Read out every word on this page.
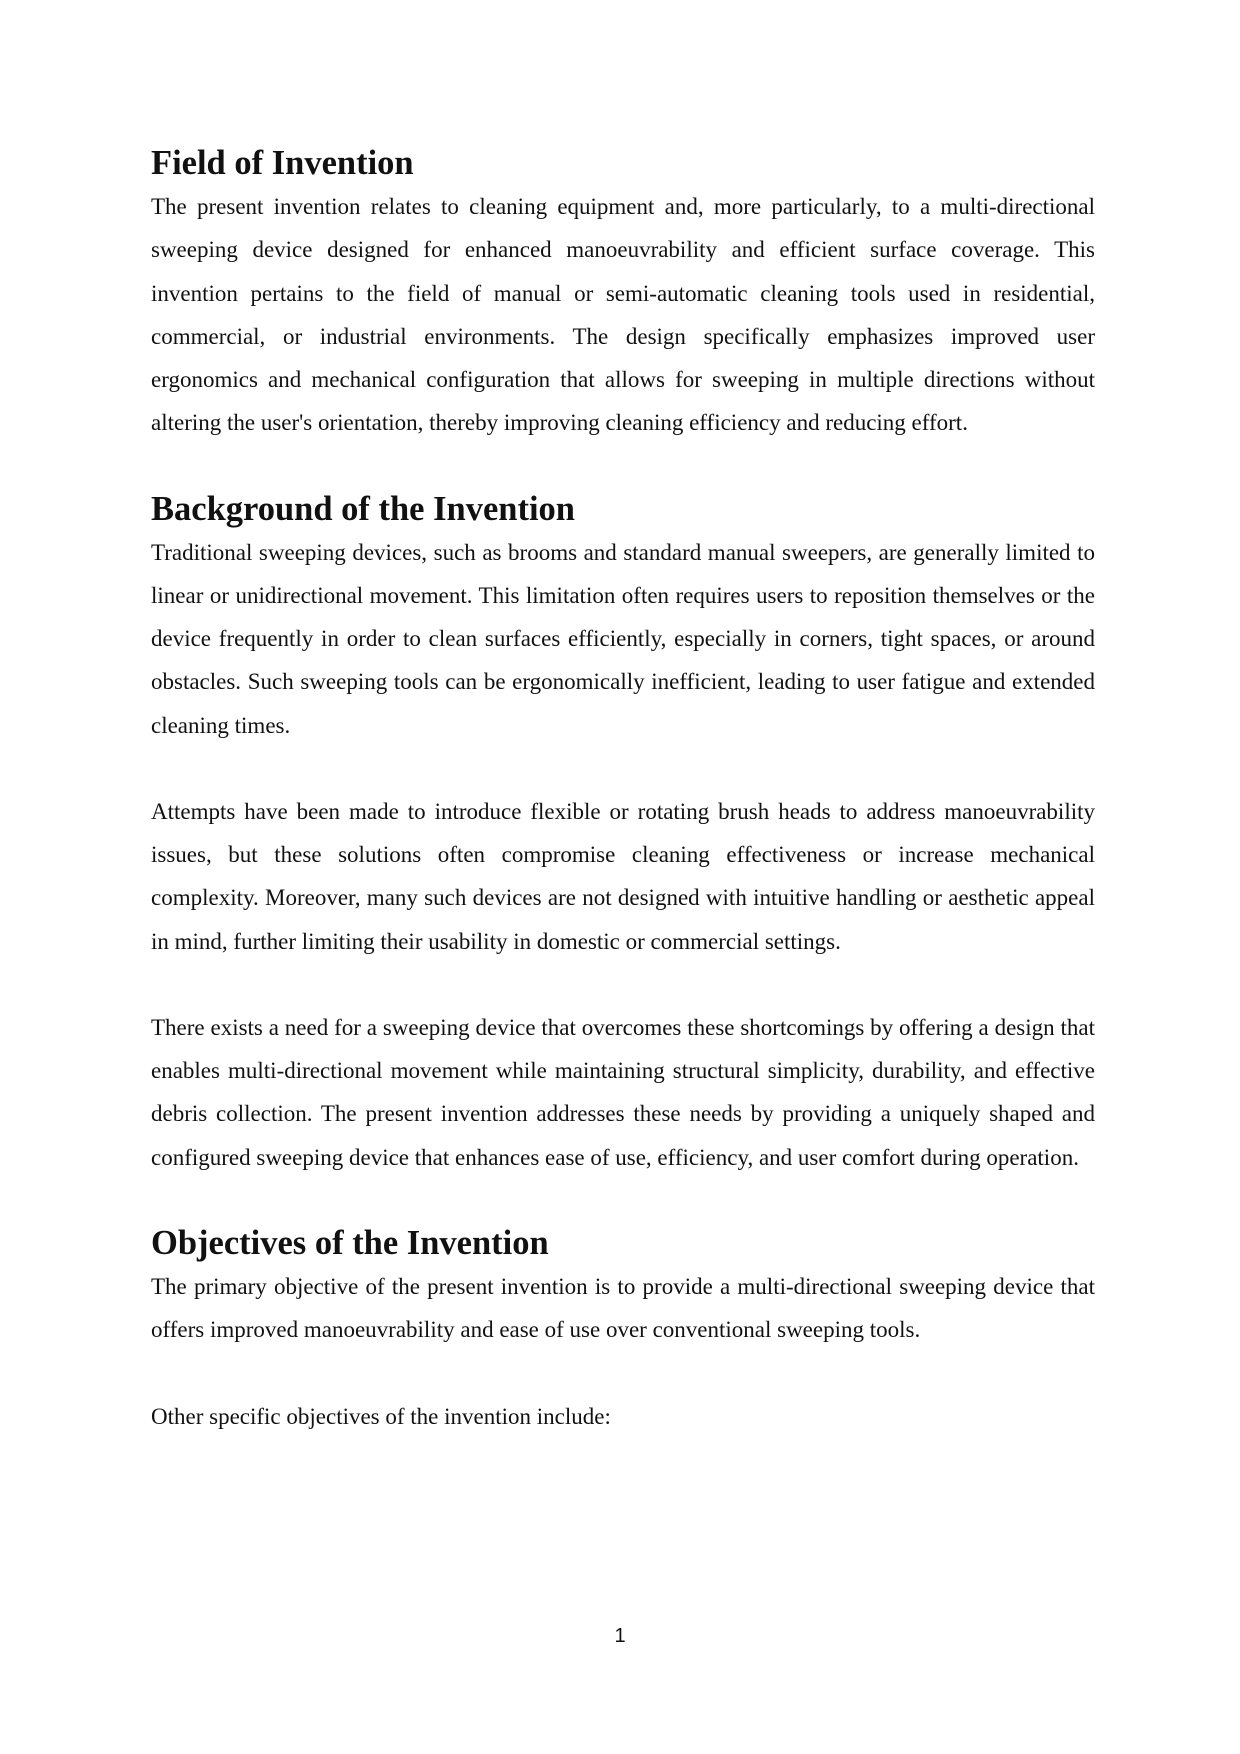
Field of Invention

The present invention relates to cleaning equipment and, more particularly, to a multi-directional sweeping device designed for enhanced manoeuvrability and efficient surface coverage. This invention pertains to the field of manual or semi-automatic cleaning tools used in residential, commercial, or industrial environments. The design specifically emphasizes improved user ergonomics and mechanical configuration that allows for sweeping in multiple directions without altering the user's orientation, thereby improving cleaning efficiency and reducing effort.

Background of the Invention

Traditional sweeping devices, such as brooms and standard manual sweepers, are generally limited to linear or unidirectional movement. This limitation often requires users to reposition themselves or the device frequently in order to clean surfaces efficiently, especially in corners, tight spaces, or around obstacles. Such sweeping tools can be ergonomically inefficient, leading to user fatigue and extended cleaning times.

Attempts have been made to introduce flexible or rotating brush heads to address manoeuvrability issues, but these solutions often compromise cleaning effectiveness or increase mechanical complexity. Moreover, many such devices are not designed with intuitive handling or aesthetic appeal in mind, further limiting their usability in domestic or commercial settings.

There exists a need for a sweeping device that overcomes these shortcomings by offering a design that enables multi-directional movement while maintaining structural simplicity, durability, and effective debris collection. The present invention addresses these needs by providing a uniquely shaped and configured sweeping device that enhances ease of use, efficiency, and user comfort during operation.

Objectives of the Invention

The primary objective of the present invention is to provide a multi-directional sweeping device that offers improved manoeuvrability and ease of use over conventional sweeping tools.

Other specific objectives of the invention include:

1
